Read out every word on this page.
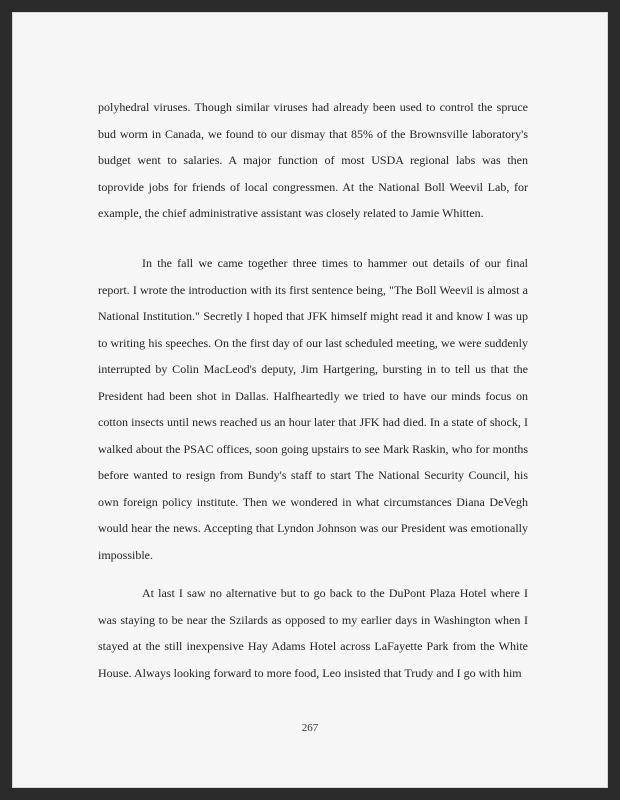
polyhedral viruses. Though similar viruses had already been used to control the spruce bud worm in Canada, we found to our dismay that 85% of the Brownsville laboratory's budget went to salaries. A major function of most USDA regional labs was then toprovide jobs for friends of local congressmen. At the National Boll Weevil Lab, for example, the chief administrative assistant was closely related to Jamie Whitten.

In the fall we came together three times to hammer out details of our final report. I wrote the introduction with its first sentence being, "The Boll Weevil is almost a National Institution." Secretly I hoped that JFK himself might read it and know I was up to writing his speeches. On the first day of our last scheduled meeting, we were suddenly interrupted by Colin MacLeod's deputy, Jim Hartgering, bursting in to tell us that the President had been shot in Dallas. Halfheartedly we tried to have our minds focus on cotton insects until news reached us an hour later that JFK had died. In a state of shock, I walked about the PSAC offices, soon going upstairs to see Mark Raskin, who for months before wanted to resign from Bundy's staff to start The National Security Council, his own foreign policy institute. Then we wondered in what circumstances Diana DeVegh would hear the news. Accepting that Lyndon Johnson was our President was emotionally impossible.

At last I saw no alternative but to go back to the DuPont Plaza Hotel where I was staying to be near the Szilards as opposed to my earlier days in Washington when I stayed at the still inexpensive Hay Adams Hotel across LaFayette Park from the White House. Always looking forward to more food, Leo insisted that Trudy and I go with him

267
